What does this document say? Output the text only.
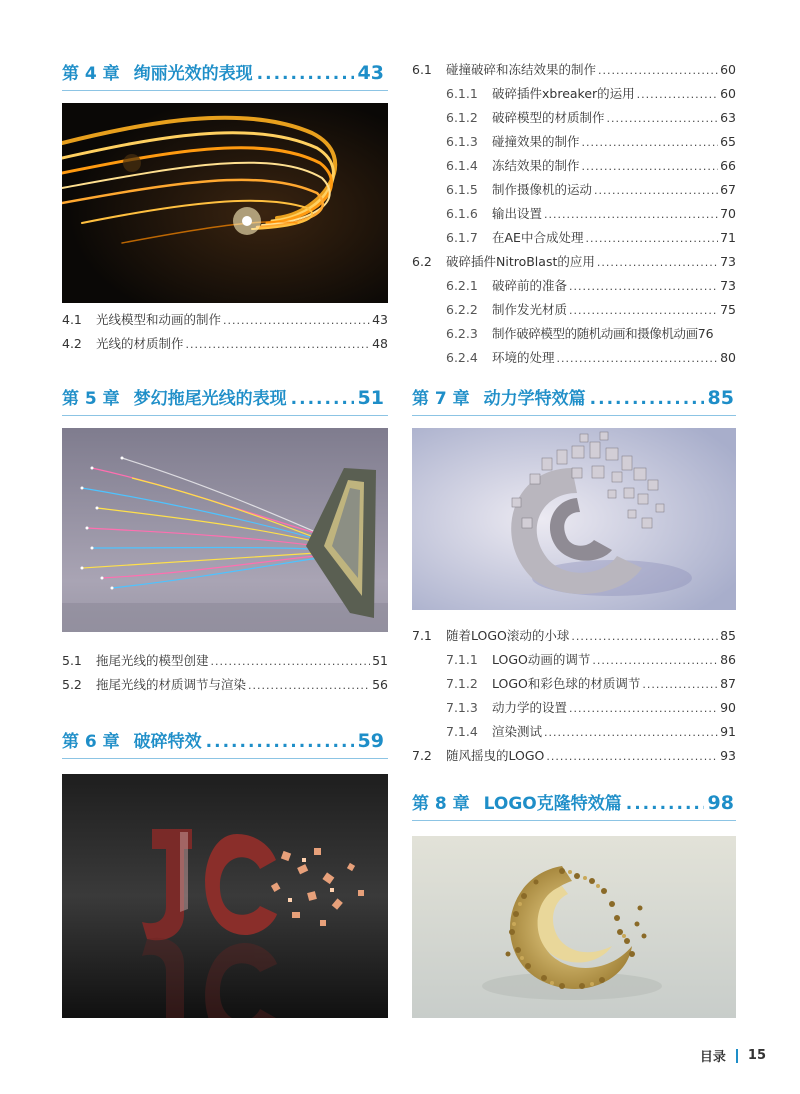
第 4 章 绚丽光效的表现 .....	43
4.1	光线模型和动画的制作 .....	43
4.2	光线的材质制作 .....	48
第 5 章 梦幻拖尾光线的表现 .....	51
5.1	拖尾光线的模型创建 .....	51
5.2	拖尾光线的材质调节与渲染 .....	56
第 6 章 破碎特效 .....	59
6.1	碰撞破碎和冻结效果的制作 .....	60
6.1.1	破碎插件xbreaker的运用 .....	60
6.1.2	破碎模型的材质制作 .....	63
6.1.3	碰撞效果的制作 .....	65
6.1.4	冻结效果的制作 .....	66
6.1.5	制作摄像机的运动 .....	67
6.1.6	输出设置 .....	70
6.1.7	在AE中合成处理 .....	71
6.2	破碎插件NitroBlast的应用 .....	73
6.2.1	破碎前的准备 .....	73
6.2.2	制作发光材质 .....	75
6.2.3	制作破碎模型的随机动画和摄像机动画 76
6.2.4	环境的处理 .....	80
第 7 章 动力学特效篇 .....	85
7.1	随着LOGO滚动的小球 .....	85
7.1.1	LOGO动画的调节 .....	86
7.1.2	LOGO和彩色球的材质调节 .....	87
7.1.3	动力学的设置 .....	90
7.1.4	渲染测试 .....	91
7.2	随风摇曳的LOGO .....	93
第 8 章 LOGO克隆特效篇 .....	98
目录 15
